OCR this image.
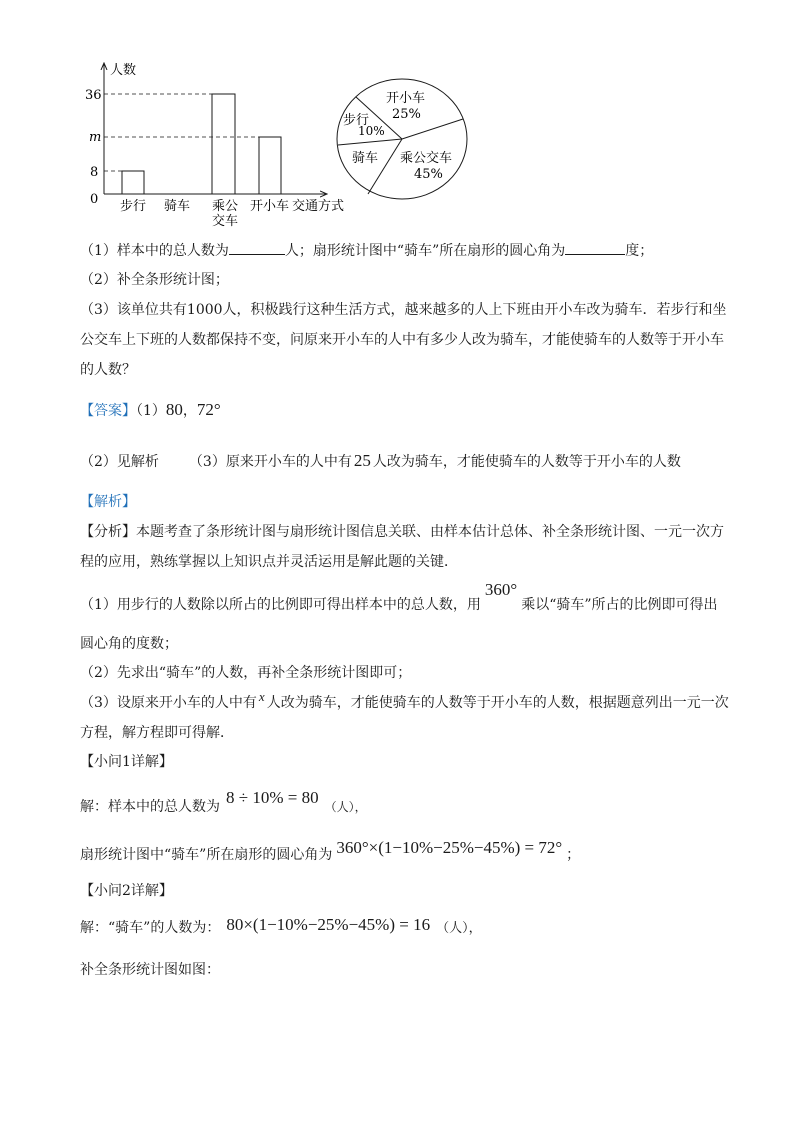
人数
36
m
8
0 步行 骑车 乘公
交车
开小车 交通方式
开小车
25%
步行
10%
骑车 乘公交车
45%
（1）样本中的总人数为	人；扇形统计图中“骑车”所在扇形的圆心角为	度；
（2）补全条形统计图；
（3）该单位共有1000人，积极践行这种生活方式，越来越多的人上下班由开小车改为骑车．若步行和坐
公交车上下班的人数都保持不变，问原来开小车的人中有多少人改为骑车，才能使骑车的人数等于开小车
的人数？
【答案】（1）80，72°
（2）见解析 （3）原来开小车的人中有 25 人改为骑车，才能使骑车的人数等于开小车的人数
【解析】
【分析】本题考查了条形统计图与扇形统计图信息关联、由样本估计总体、补全条形统计图、一元一次方
程的应用，熟练掌握以上知识点并灵活运用是解此题的关键．
（1）用步行的人数除以所占的比例即可得出样本中的总人数，用360°乘以“骑车”所占的比例即可得出
圆心角的度数；
（2）先求出“骑车”的人数，再补全条形统计图即可；
（3）设原来开小车的人中有 x 人改为骑车，才能使骑车的人数等于开小车的人数，根据题意列出一元一次
方程，解方程即可得解．
【小问1详解】
解：样本中的总人数为 8 ÷ 10% = 80 （人），
扇形统计图中“骑车”所在扇形的圆心角为 360°×(1−10%−25%−45%) = 72° ；
【小问2详解】
解：“骑车”的人数为： 80×(1−10%−25%−45%) = 16 （人），
补全条形统计图如图：
